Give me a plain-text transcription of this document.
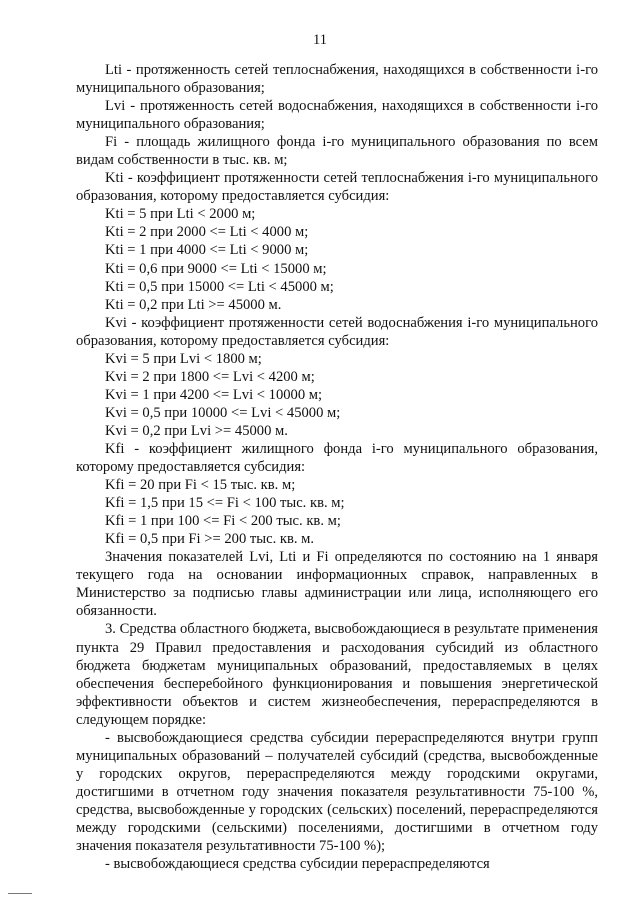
11

Lti - протяженность сетей теплоснабжения, находящихся в собственности i-го муниципального образования;

Lvi - протяженность сетей водоснабжения, находящихся в собственности i-го муниципального образования;

Fi - площадь жилищного фонда i-го муниципального образования по всем видам собственности в тыс. кв. м;

Kti - коэффициент протяженности сетей теплоснабжения i-го муниципального образования, которому предоставляется субсидия:

Kti = 5 при Lti < 2000 м;

Kti = 2 при 2000 <= Lti < 4000 м;

Kti = 1 при 4000 <= Lti < 9000 м;

Kti = 0,6 при 9000 <= Lti < 15000 м;

Kti = 0,5 при 15000 <= Lti < 45000 м;

Kti = 0,2 при Lti >= 45000 м.

Kvi - коэффициент протяженности сетей водоснабжения i-го муниципального образования, которому предоставляется субсидия:

Kvi = 5 при Lvi < 1800 м;

Kvi = 2 при 1800 <= Lvi < 4200 м;

Kvi = 1 при 4200 <= Lvi < 10000 м;

Kvi = 0,5 при 10000 <= Lvi < 45000 м;

Kvi = 0,2 при Lvi >= 45000 м.

Kfi - коэффициент жилищного фонда i-го муниципального образования, которому предоставляется субсидия:

Kfi = 20 при Fi < 15 тыс. кв. м;

Kfi = 1,5 при 15 <= Fi < 100 тыс. кв. м;

Kfi = 1 при 100 <= Fi < 200 тыс. кв. м;

Kfi = 0,5 при Fi >= 200 тыс. кв. м.

Значения показателей Lvi, Lti и Fi определяются по состоянию на 1 января текущего года на основании информационных справок, направленных в Министерство за подписью главы администрации или лица, исполняющего его обязанности.

3. Средства областного бюджета, высвобождающиеся в результате применения пункта 29 Правил предоставления и расходования субсидий из областного бюджета бюджетам муниципальных образований, предоставляемых в целях обеспечения бесперебойного функционирования и повышения энергетической эффективности объектов и систем жизнеобеспечения, перераспределяются в следующем порядке:

- высвобождающиеся средства субсидии перераспределяются внутри групп муниципальных образований – получателей субсидий (средства, высвобожденные у городских округов, перераспределяются между городскими округами, достигшими в отчетном году значения показателя результативности 75-100 %, средства, высвобожденные у городских (сельских) поселений, перераспределяются между городскими (сельскими) поселениями, достигшими в отчетном году значения показателя результативности 75-100 %);

- высвобождающиеся средства субсидии перераспределяются
